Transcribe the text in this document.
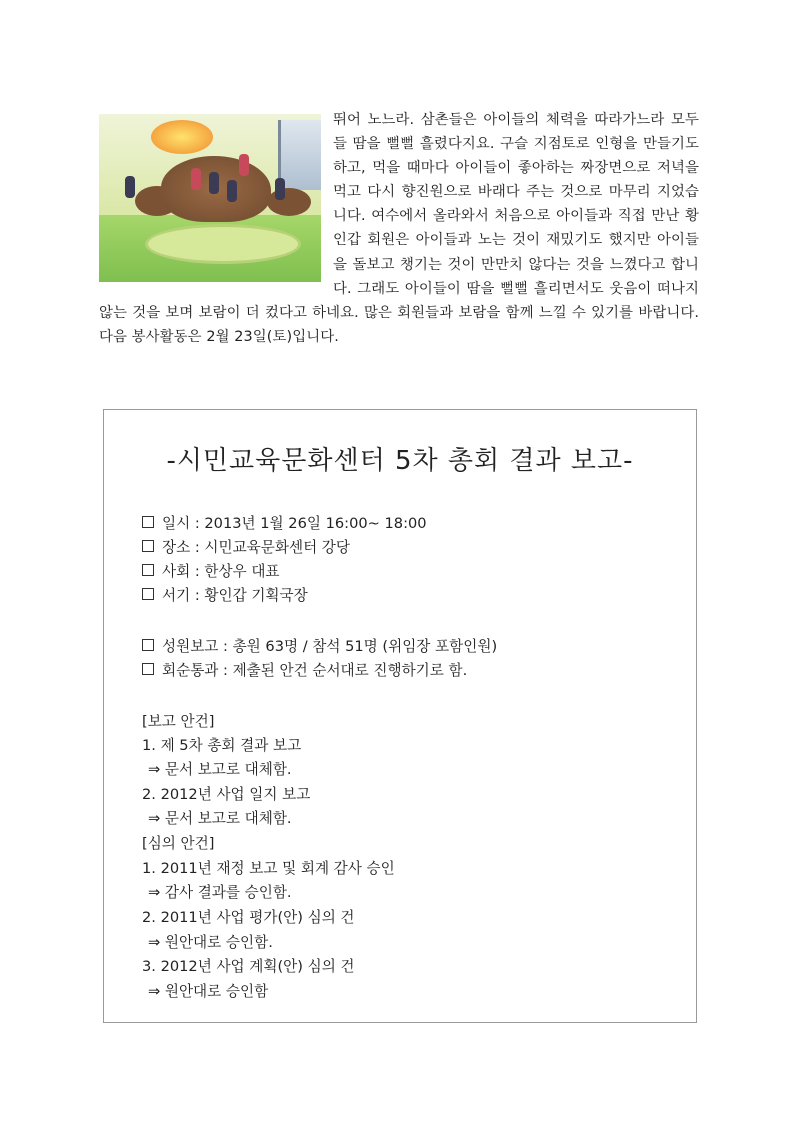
뛰어 노느라. 삼촌들은 아이들의 체력을 따라가느라 모두들 땀을 뻘뻘 흘렸다지요. 구슬 지점토로 인형을 만들기도 하고, 먹을 때마다 아이들이 좋아하는 짜장면으로 저녁을 먹고 다시 향진원으로 바래다 주는 것으로 마무리 지었습니다. 여수에서 올라와서 처음으로 아이들과 직접 만난 황인갑 회원은 아이들과 노는 것이 재밌기도 했지만 아이들을 돌보고 챙기는 것이 만만치 않다는 것을 느꼈다고 합니다. 그래도 아이들이 땀을 뻘뻘 흘리면서도 웃음이 떠나지 않는 것을 보며 보람이 더 컸다고 하네요. 많은 회원들과 보람을 함께 느낄 수 있기를 바랍니다. 다음 봉사활동은 2월 23일(토)입니다.

-시민교육문화센터 5차 총회 결과 보고-
일시 : 2013년 1월 26일 16:00~ 18:00
장소 : 시민교육문화센터 강당
사회 : 한상우 대표
서기 : 황인갑 기획국장
성원보고 : 총원 63명 / 참석 51명 (위임장 포함인원)
회순통과 : 제출된 안건 순서대로 진행하기로 함.
[보고 안건]
1. 제 5차 총회 결과 보고
⇒ 문서 보고로 대체함.
2. 2012년 사업 일지 보고
⇒ 문서 보고로 대체함.
[심의 안건]
1. 2011년 재정 보고 및 회계 감사 승인
⇒ 감사 결과를 승인함.
2. 2011년 사업 평가(안) 심의 건
⇒ 원안대로 승인함.
3. 2012년 사업 계획(안) 심의 건
⇒ 원안대로 승인함
